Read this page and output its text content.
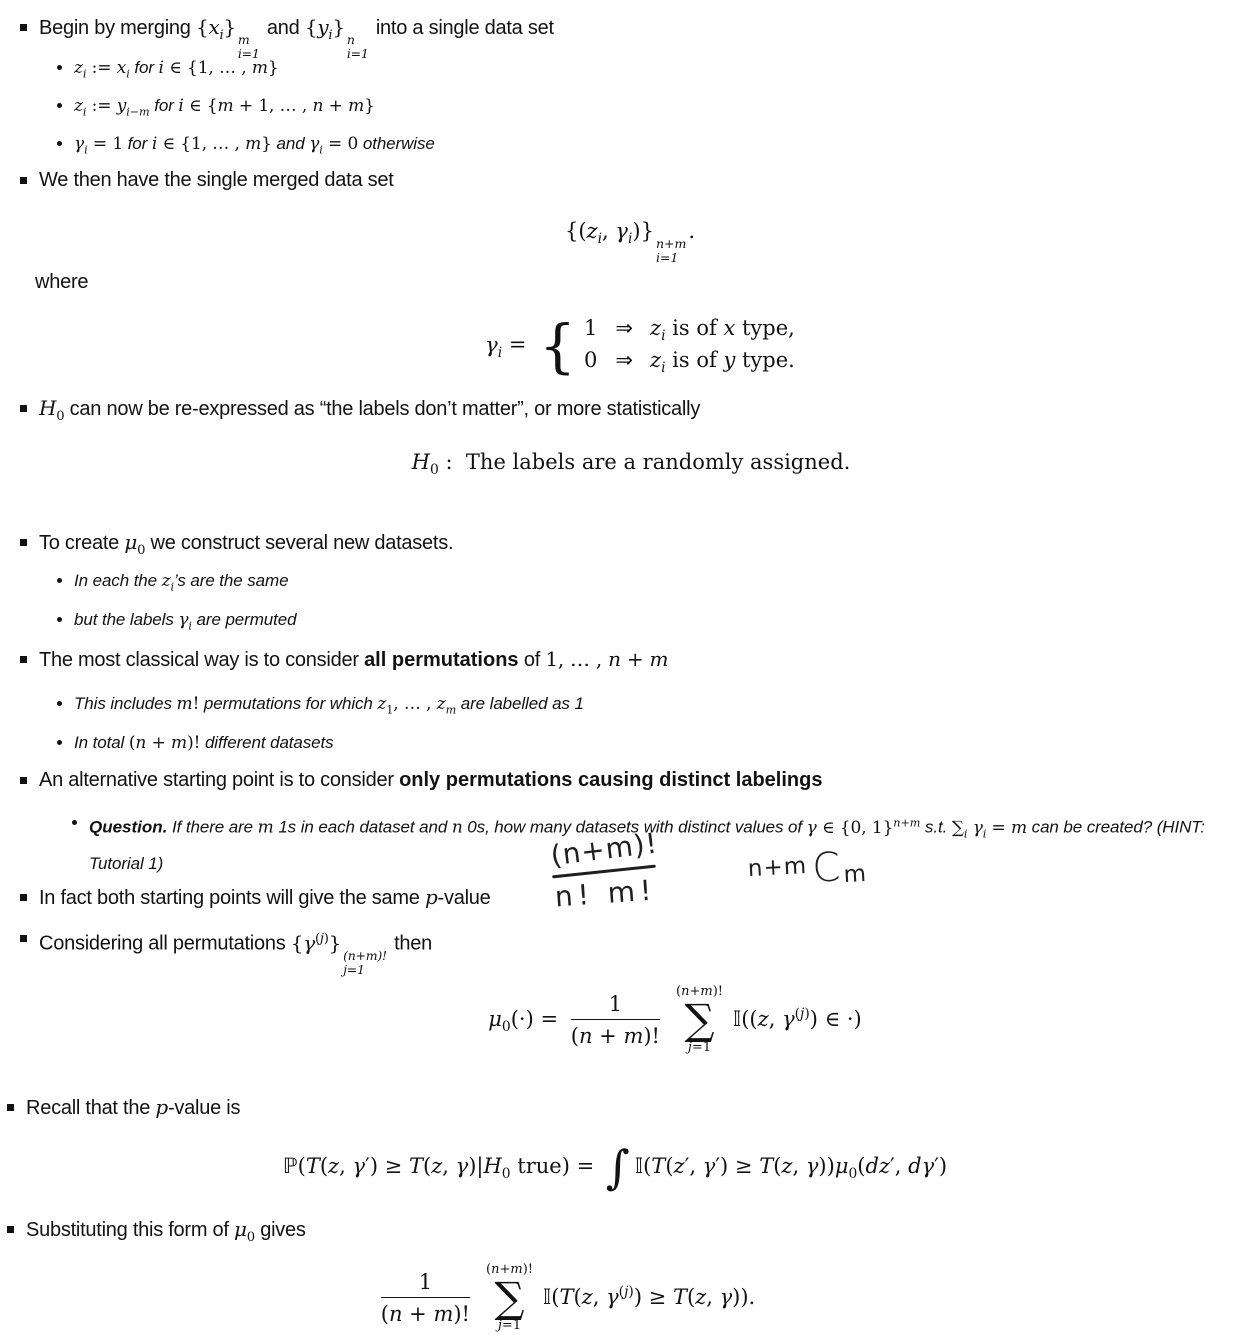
Begin by merging $\{x_i\}$
m
i=1
and $\{y_i\}$
n
i=1
into a single data set
$z_i$ := $x_i$ for i ∈ {1, … , m}
$z_i$ := $y_{i-m}$ for i ∈ {m + 1, … , n + m}
$\gamma_i = 1$ for i ∈ {1, … , m} and $\gamma_i = 0$ otherwise
We then have the single merged data set
{($z_i$, $\gamma_i$)}
n+m
i=1
.
where
$\gamma_i$ = { 1 ⇒ $z_i$ is of x type,
0 ⇒ $z_i$ is of y type.
$H_0$ can now be re-expressed as “the labels don’t matter”, or more statistically
$H_0$ :  The labels are a randomly assigned.
To create $\mu_0$ we construct several new datasets.
In each the $z_i’s$ are the same
but the labels $\gamma_i$ are permuted
The most classical way is to consider all permutations of 1, … , n + m
This includes m! permutations for which $z_1$, … , $z_m$ are labelled as 1
In total (n + m)! different datasets
An alternative starting point is to consider only permutations causing distinct labelings
Question. If there are m 1s in each dataset and n 0s, how many datasets with distinct values of γ ∈ {0, 1}$^{n+m}$ s.t. $\sum_i$ $\gamma_i = m$ can be created? (HINT:
Tutorial 1)
In fact both starting points will give the same p-value
Considering all permutations $\{\gamma^{(j)}\}$
(n+m)!
j=1
then
$\mu_0(\cdot) = \frac{1}{(n + m)!} (n+m)$!
∑
j=1
𝕀((z, $\gamma^{(j)}$) ∈ ·)
Recall that the p-value is
ℙ(T(z, γ′) ≥ T(z, $\gamma)|H_0$ true) = ∫ 𝕀(T(z′, γ′) ≥ T(z, $\gamma))\mu_0(dz'$, dγ′)
Substituting this form of $\mu_0$ gives
$\frac{1}{(n + m)!} (n+m)$!
∑
j=1
𝕀(T(z, $\gamma^{(j)}) \ge T(z$, γ)).
(n+m)!
n! m!
n+mCm
